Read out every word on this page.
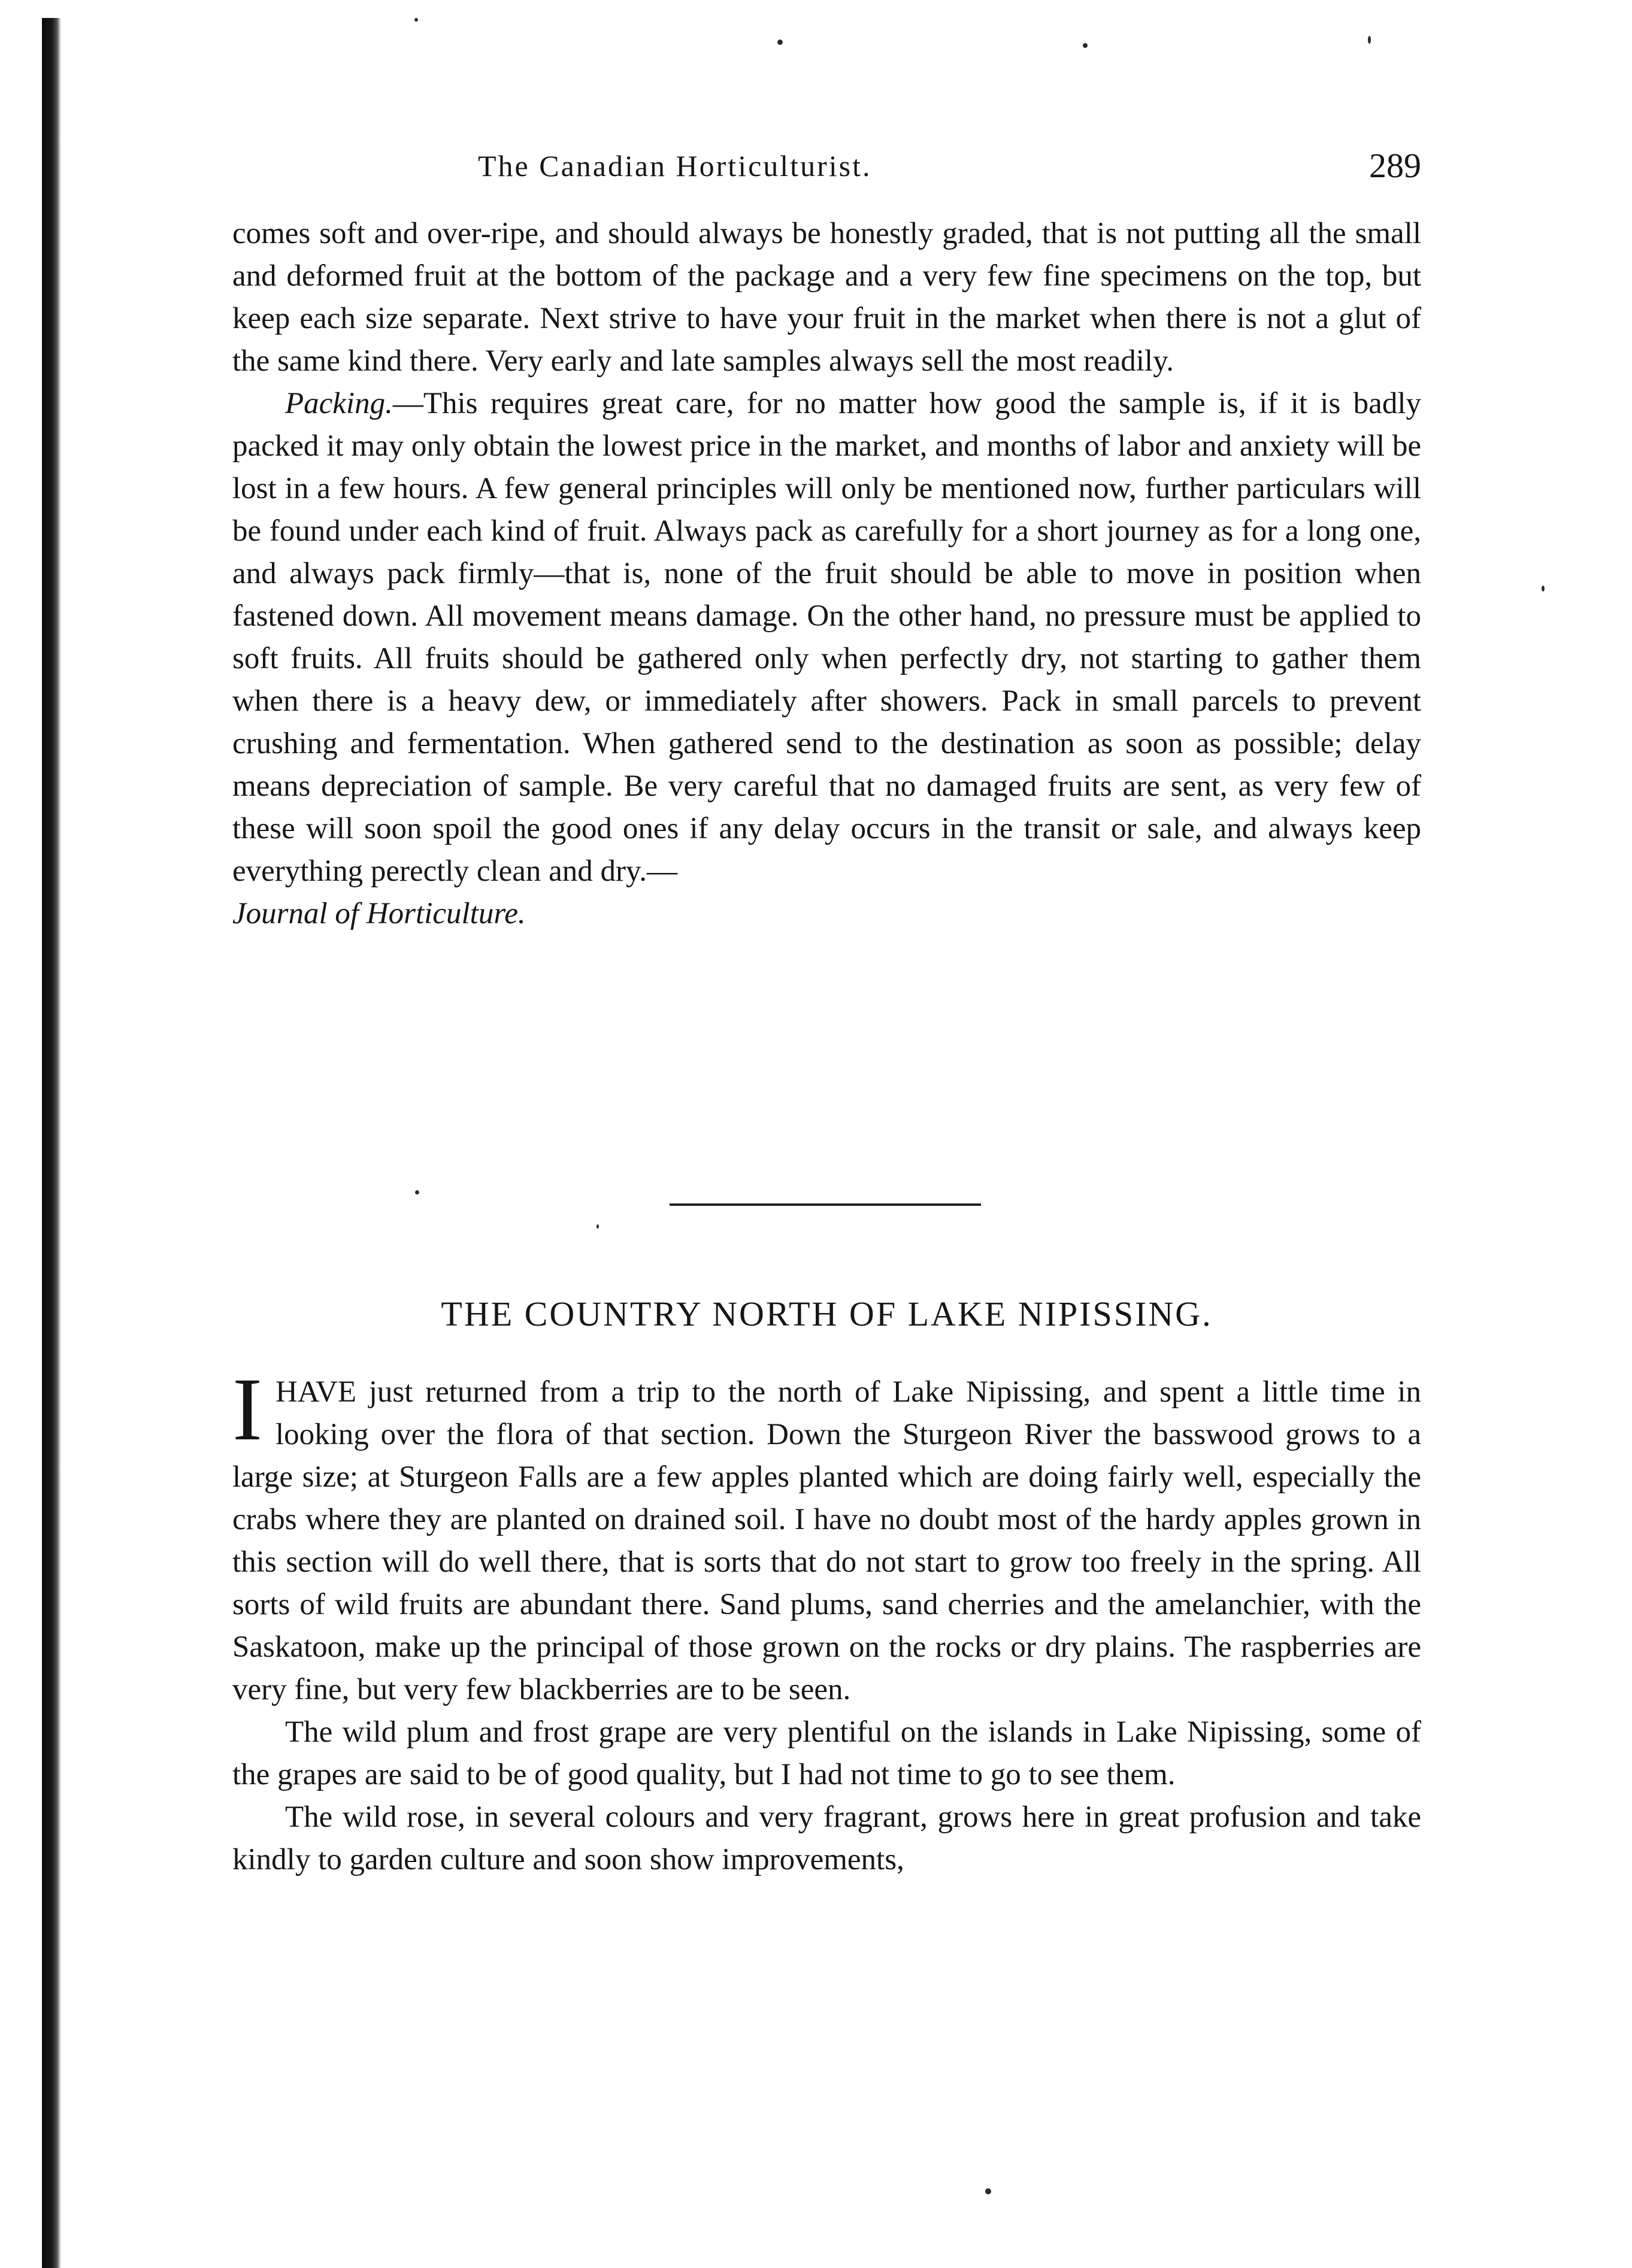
The Canadian Horticulturist.	289

comes soft and over-ripe, and should always be honestly graded, that is not putting all the small and deformed fruit at the bottom of the package and a very few fine specimens on the top, but keep each size separate. Next strive to have your fruit in the market when there is not a glut of the same kind there. Very early and late samples always sell the most readily.

Packing.—This requires great care, for no matter how good the sample is, if it is badly packed it may only obtain the lowest price in the market, and months of labor and anxiety will be lost in a few hours. A few general principles will only be mentioned now, further particulars will be found under each kind of fruit. Always pack as carefully for a short journey as for a long one, and always pack firmly—that is, none of the fruit should be able to move in position when fastened down. All movement means damage. On the other hand, no pressure must be applied to soft fruits. All fruits should be gathered only when perfectly dry, not starting to gather them when there is a heavy dew, or immediately after showers. Pack in small parcels to prevent crushing and fermentation. When gathered send to the destination as soon as possible; delay means depreciation of sample. Be very careful that no damaged fruits are sent, as very few of these will soon spoil the good ones if any delay occurs in the transit or sale, and always keep everything perectly clean and dry.—
Journal of Horticulture.

THE COUNTRY NORTH OF LAKE NIPISSING.

IHAVE just returned from a trip to the north of Lake Nipissing, and spent a little time in looking over the flora of that section. Down the Sturgeon River the basswood grows to a large size; at Sturgeon Falls are a few apples planted which are doing fairly well, especially the crabs where they are planted on drained soil. I have no doubt most of the hardy apples grown in this section will do well there, that is sorts that do not start to grow too freely in the spring. All sorts of wild fruits are abundant there. Sand plums, sand cherries and the amelanchier, with the Saskatoon, make up the principal of those grown on the rocks or dry plains. The raspberries are very fine, but very few blackberries are to be seen.

The wild plum and frost grape are very plentiful on the islands in Lake Nipissing, some of the grapes are said to be of good quality, but I had not time to go to see them.

The wild rose, in several colours and very fragrant, grows here in great profusion and take kindly to garden culture and soon show improvements,
